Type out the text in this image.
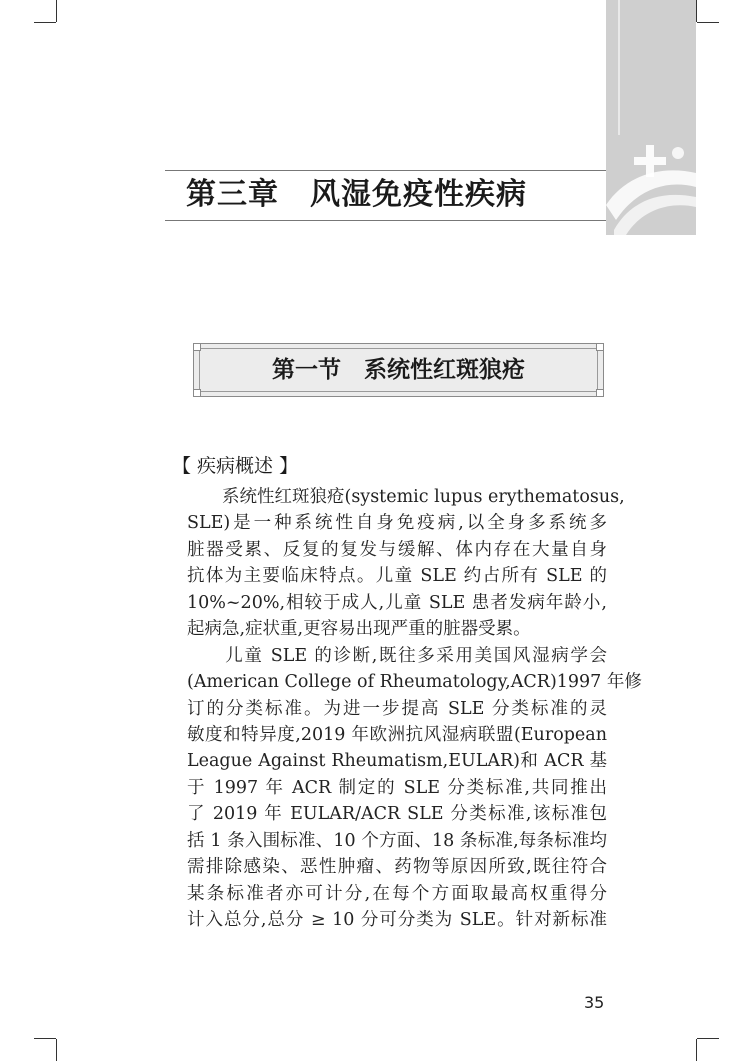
第三章　风湿免疫性疾病
第一节　系统性红斑狼疮
【 疾病概述 】
　　系统性红斑狼疮(systemic lupus erythematosus,
SLE)是一种系统性自身免疫病,以全身多系统多
脏器受累、反复的复发与缓解、体内存在大量自身
抗体为主要临床特点。儿童 SLE 约占所有 SLE 的
10%~20%,相较于成人,儿童 SLE 患者发病年龄小,
起病急,症状重,更容易出现严重的脏器受累。
　　儿童 SLE 的诊断,既往多采用美国风湿病学会
(American College of Rheumatology,ACR)1997 年修
订的分类标准。为进一步提高 SLE 分类标准的灵
敏度和特异度,2019 年欧洲抗风湿病联盟(European
League Against Rheumatism,EULAR)和 ACR 基
于 1997 年 ACR 制定的 SLE 分类标准,共同推出
了 2019 年 EULAR/ACR SLE 分类标准,该标准包
括 1 条入围标准、10 个方面、18 条标准,每条标准均
需排除感染、恶性肿瘤、药物等原因所致,既往符合
某条标准者亦可计分,在每个方面取最高权重得分
计入总分,总分 ≥ 10 分可分类为 SLE。针对新标准
35
